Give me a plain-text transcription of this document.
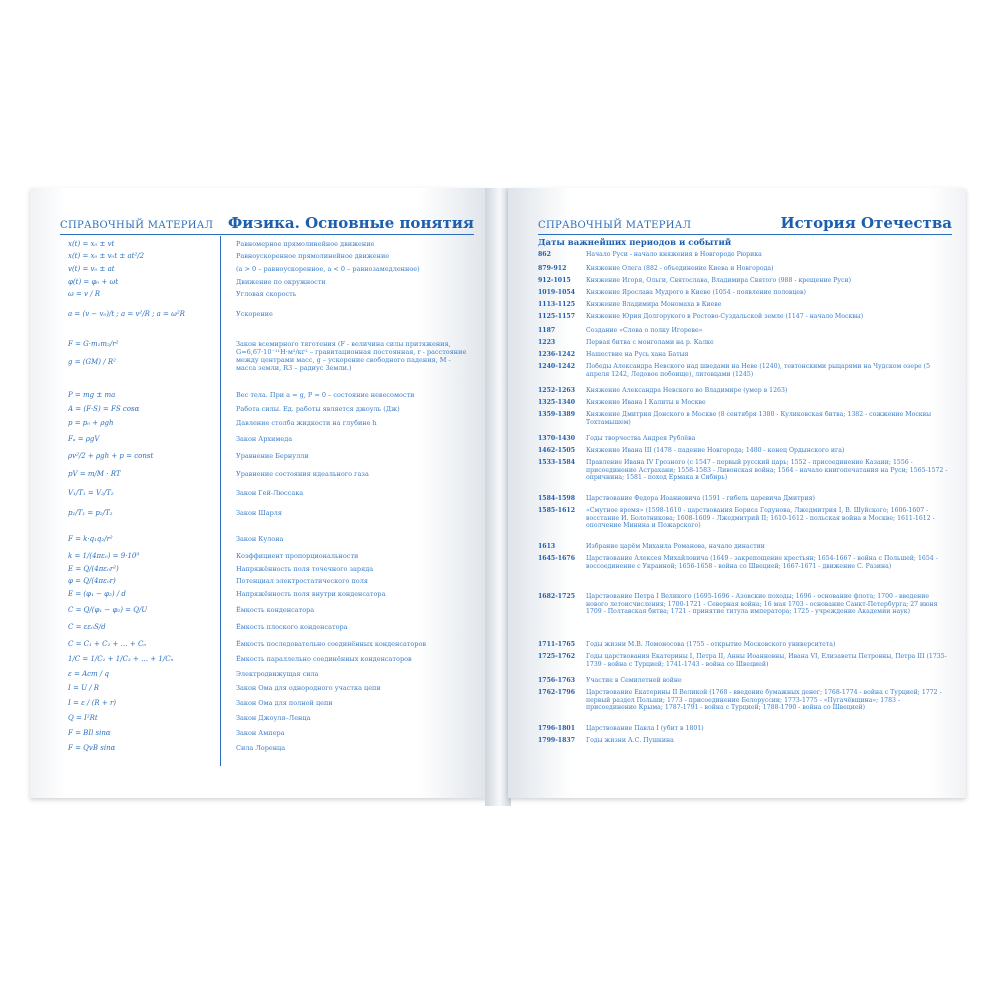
СПРАВОЧНЫЙ МАТЕРИАЛ Физика. Основные понятия
x(t) = x₀ ± vt	Равномерное прямолинейное движение
x(t) = x₀ ± v₀t ± at²/2	Равноускоренное прямолинейное движение
v(t) = v₀ ± at	(a > 0 – равноускоренное, a < 0 – равнозамедленное)
φ(t) = φ₀ + ωt	Движение по окружности
ω = v / R	Угловая скорость
a = (v − v₀)/t ; a = v²/R ; a = ω²R	Ускорение
F = G·m₁m₂/r²	Закон всемирного тяготения (F - величина силы притяжения, G=6,67·10⁻¹¹Н·м²/кг² – гравитационная постоянная, r - расстояние между центрами масс, g – ускорение свободного падения, M - масса земли, R3 – радиус Земли.)
g = (GM) / R²
P = mg ± ma	Вес тела. При a = g, P = 0 – состояние невесомости
A = (F·S) = FS cosα	Работа силы. Ед. работы является джоуль (Дж)
p = p₀ + ρgh	Давление столба жидкости на глубине h
Fₐ = ρgV	Закон Архимеда
ρv²/2 + ρgh + p = const	Уравнение Бернулли
pV = m/M · RT	Уравнение состояния идеального газа
V₁/T₁ = V₂/T₂	Закон Гей-Люссака
p₁/T₁ = p₂/T₂	Закон Шарля
F = k·q₁q₂/r²	Закон Кулона
k = 1/(4πε₀) = 9·10⁹	Коэффициент пропорциональности
E = Q/(4πε₀r²)	Напряжённость поля точечного заряда
φ = Q/(4πε₀r)	Потенциал электростатического поля
E = (φ₁ − φ₂) / d	Напряжённость поля внутри конденсатора
C = Q/(φ₁ − φ₂) = Q/U	Ёмкость конденсатора
C = εε₀S/d	Ёмкость плоского конденсатора
C = C₁ + C₂ + … + Cₙ	Ёмкость последовательно соединённых конденсаторов
1/C = 1/C₁ + 1/C₂ + … + 1/Cₙ	Ёмкость параллельно соединённых конденсаторов
ε = Aст / q	Электродвижущая сила
I = U / R	Закон Ома для однородного участка цепи
I = ε / (R + r)	Закон Ома для полной цепи
Q = I²Rt	Закон Джоуля–Ленца
F = BIl sinα	Закон Ампера
F = QvB sinα	Сила Лоренца
СПРАВОЧНЫЙ МАТЕРИАЛ	История Отечества
Даты важнейших периодов и событий
862	Начало Руси - начало княжения в Новгороде Рюрика
879-912	Княжение Олега (882 - объединение Киева и Новгорода)
912-1015	Княжение Игоря, Ольги, Святослава, Владимира Святого (988 - крещение Руси)
1019-1054	Княжение Ярослава Мудрого в Киеве (1054 - появление половцев)
1113-1125	Княжение Владимира Мономаха в Киеве
1125-1157	Княжение Юрия Долгорукого в Ростово-Суздальской земле (1147 - начало Москвы)
1187	Создание «Слова о полку Игореве»
1223	Первая битва с монголами на р. Калке
1236-1242	Нашествие на Русь хана Батыя
1240-1242	Победы Александра Невского над шведами на Неве (1240), тевтонскими рыцарями на Чудском озере (5 апреля 1242, Ледовое побоище), литовцами (1245)
1252-1263	Княжение Александра Невского во Владимире (умер в 1263)
1325-1340	Княжение Ивана I Калиты в Москве
1359-1389	Княжение Дмитрия Донского в Москве (8 сентября 1380 - Куликовская битва; 1382 - сожжение Москвы Тохтамышем)
1370-1430	Годы творчества Андрея Рублёва
1462-1505	Княжение Ивана III (1478 - падение Новгорода; 1480 - конец Ордынского ига)
1533-1584	Правление Ивана IV Грозного (с 1547 - первый русский царь; 1552 - присоединение Казани; 1556 - присоединение Астрахани; 1558-1583 - Ливонская война; 1564 - начало книгопечатания на Руси; 1565-1572 - опричнина; 1581 - поход Ермака в Сибирь)
1584-1598	Царствование Федора Иоанновича (1591 - гибель царевича Дмитрия)
1585-1612	«Смутное время» (1598-1610 - царствования Бориса Годунова, Лжедмитрия I, В. Шуйского; 1606-1607 - восстание И. Болотникова; 1608-1609 - Лжедмитрий II; 1610-1612 - польская война в Москве; 1611-1612 - ополчение Минина и Пожарского)
1613	Избрание царём Михаила Романова, начало династии
1645-1676	Царствование Алексея Михайловича (1649 - закрепощение крестьян; 1654-1667 - война с Польшей; 1654 - воссоединение с Украиной; 1656-1658 - война со Швецией; 1667-1671 - движение С. Разина)
1682-1725	Царствование Петра I Великого (1695-1696 - Азовские походы; 1696 - основание флота; 1700 - введение нового летоисчисления; 1700-1721 - Северная война; 16 мая 1703 - основание Санкт-Петербурга; 27 июня 1709 - Полтавская битва; 1721 - принятие титула императора; 1725 - учреждение Академии наук)
1711-1765	Годы жизни М.В. Ломоносова (1755 - открытие Московского университета)
1725-1762	Годы царствования Екатерины I, Петра II, Анны Иоанновны, Ивана VI, Елизаветы Петровны, Петра III (1735-1739 - война с Турцией; 1741-1743 - война со Швецией)
1756-1763	Участие в Семилетней войне
1762-1796	Царствование Екатерины II Великой (1768 - введение бумажных денег; 1768-1774 - война с Турцией; 1772 - первый раздел Польши; 1773 - присоединение Белоруссии; 1773-1775 - «Пугачёвщина»; 1783 - присоединение Крыма; 1787-1791 - война с Турцией; 1788-1790 - война со Швецией)
1796-1801	Царствование Павла I (убит в 1801)
1799-1837	Годы жизни А.С. Пушкина
